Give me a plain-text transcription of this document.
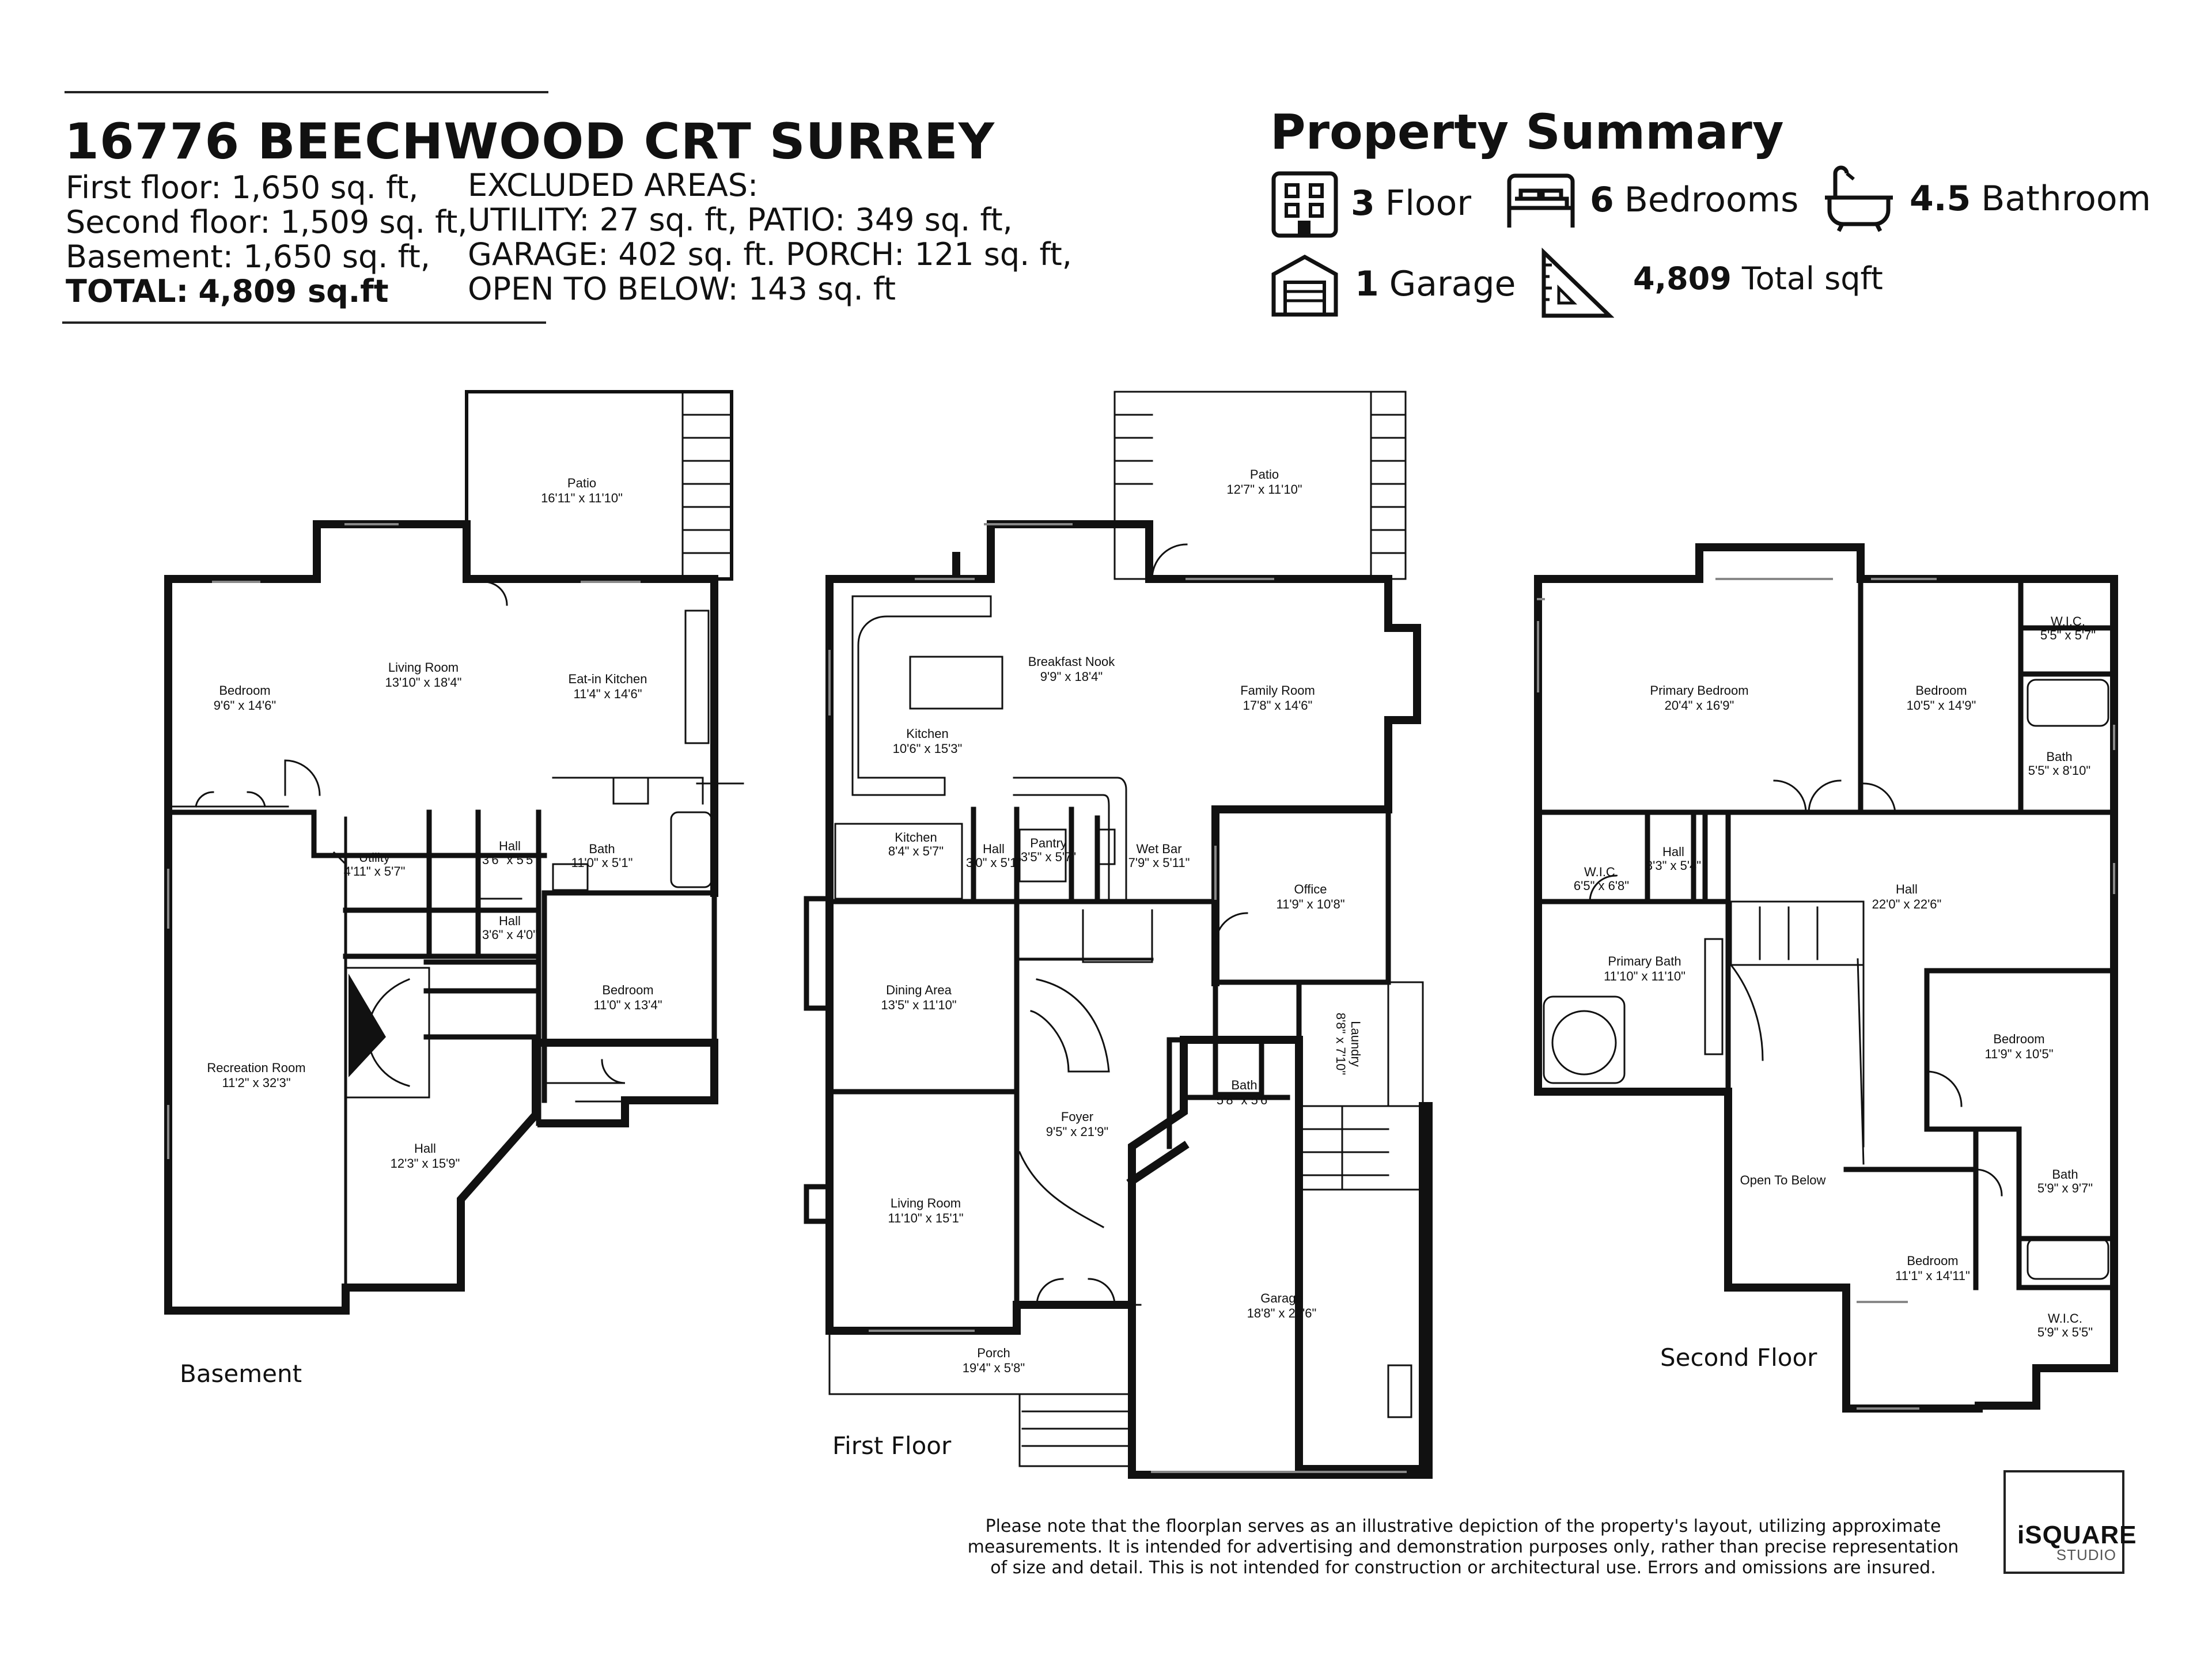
16776 BEECHWOOD CRT SURREY
First floor: 1,650 sq. ft,
Second floor: 1,509 sq. ft,
Basement: 1,650 sq. ft,
TOTAL: 4,809 sq.ft
EXCLUDED AREAS:
UTILITY: 27 sq. ft, PATIO: 349 sq. ft,
GARAGE: 402 sq. ft. PORCH: 121 sq. ft,
OPEN TO BELOW: 143 sq. ft
Property Summary
3 Floor	6 Bedrooms	4.5 Bathroom
1 Garage	4,809 Total sqft
Patio
16'11" x 11'10"
Bedroom
9'6" x 14'6"
Living Room
13'10" x 18'4"	Eat-in Kitchen
11'4" x 14'6"
Utility
4'11" x 5'7"
Hall
3'6" x 5'5"
Bath
11'0" x 5'1"
Hall
3'6" x 4'0"
Bedroom
11'0" x 13'4"
Recreation Room
11'2" x 32'3"
Hall
12'3" x 15'9"
Patio
12'7" x 11'10"
Breakfast Nook
9'9" x 18'4"
Family Room
17'8" x 14'6"
Kitchen
10'6" x 15'3"
Kitchen
8'4" x 5'7"	Hall
3'0" x 5'1"
Pantry
3'5" x 5'7"
Wet Bar
7'9" x 5'11"
Office
11'9" x 10'8"
Dining Area
13'5" x 11'10"
Laundry
8'8" x 7'10"
Bath
5'8" x 5'6"
Foyer
9'5" x 21'9"
Living Room
11'10" x 15'1"
Garage
18'8" x 22'6"
Porch
19'4" x 5'8"
Primary Bedroom
20'4" x 16'9"
Bedroom
10'5" x 14'9"
W.I.C.
5'5" x 5'7"
Bath
5'5" x 8'10"
W.I.C.
6'5" x 6'8"
Hall
3'3" x 5'4"
Hall
22'0" x 22'6"
Primary Bath
11'10" x 11'10"
Bedroom
11'9" x 10'5"
Open To Below	Bath
5'9" x 9'7"
Bedroom
11'1" x 14'11"
W.I.C.
5'9" x 5'5"
Basement
First Floor
Second Floor
Please note that the floorplan serves as an illustrative depiction of the property's layout, utilizing approximate
measurements. It is intended for advertising and demonstration purposes only, rather than precise representation
of size and detail. This is not intended for construction or architectural use. Errors and omissions are insured.
iSQUARE
STUDIO
